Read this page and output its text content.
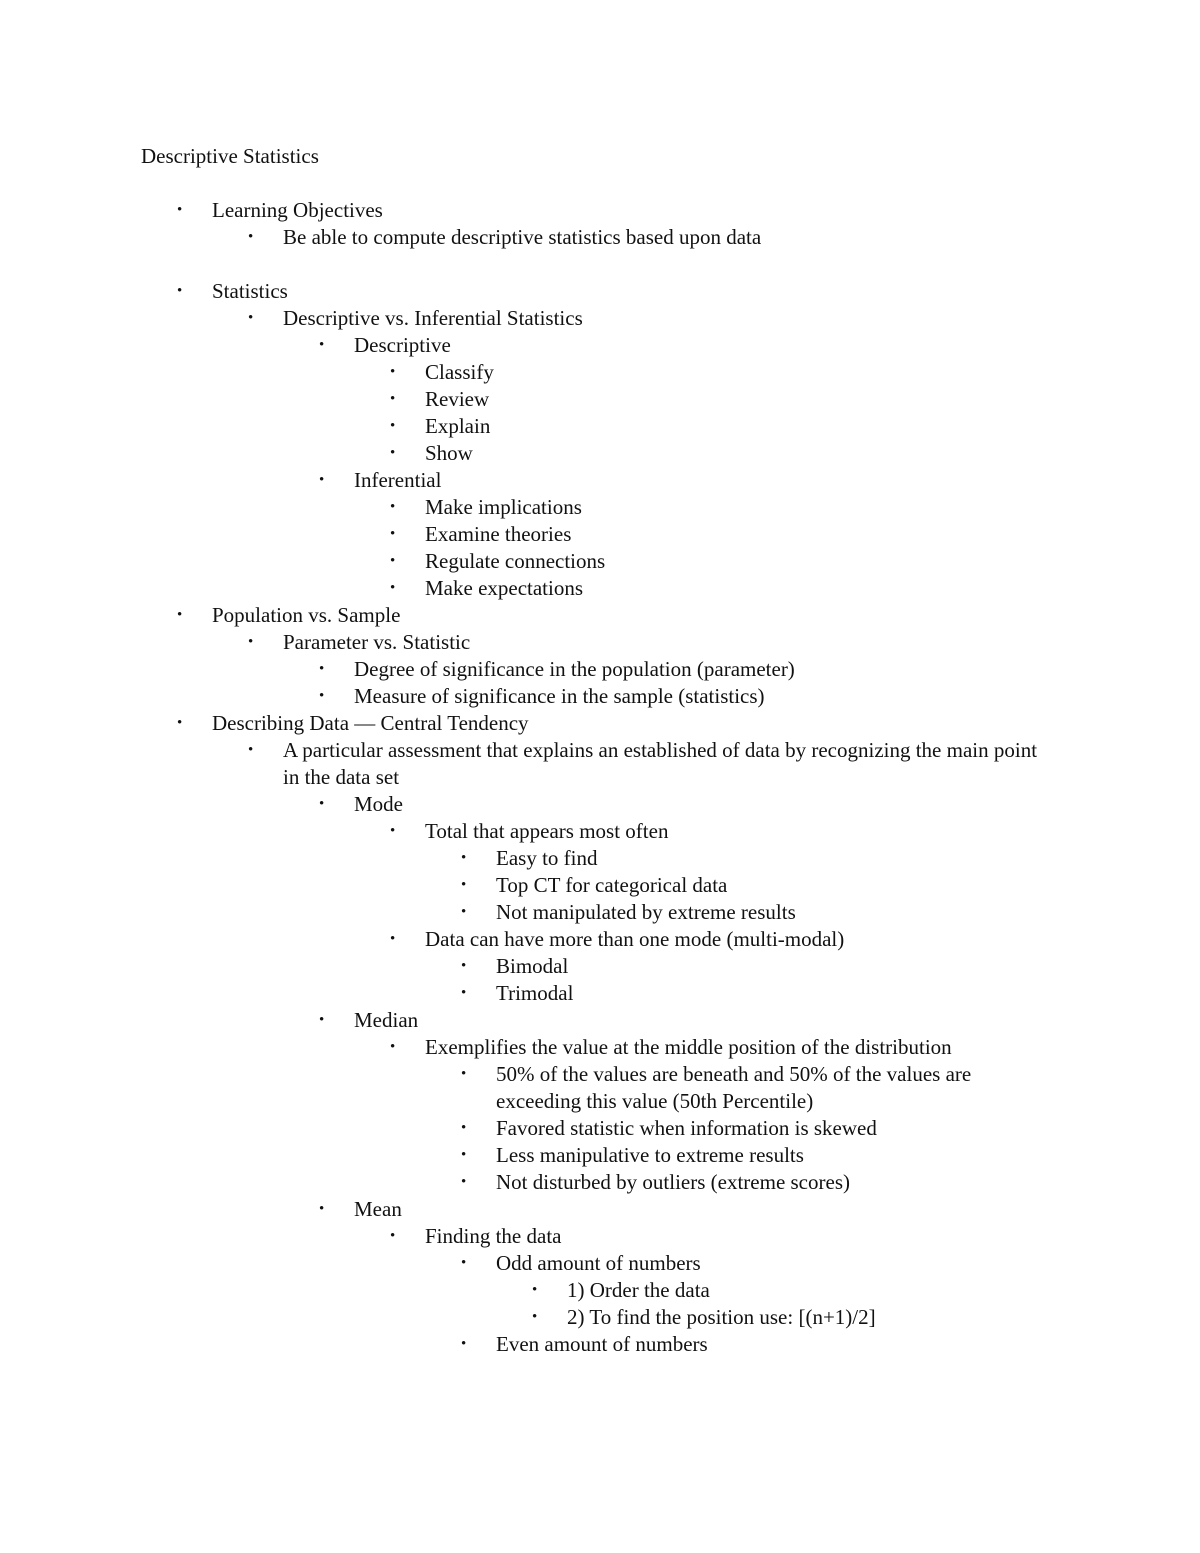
Descriptive Statistics
• Learning Objectives
• Be able to compute descriptive statistics based upon data
• Statistics
• Descriptive vs. Inferential Statistics
• Descriptive
• Classify
• Review
• Explain
• Show
• Inferential
• Make implications
• Examine theories
• Regulate connections
• Make expectations
• Population vs. Sample
• Parameter vs. Statistic
• Degree of significance in the population (parameter)
• Measure of significance in the sample (statistics)
• Describing Data — Central Tendency
• A particular assessment that explains an established of data by recognizing the main point in the data set
• Mode
• Total that appears most often
• Easy to find
• Top CT for categorical data
• Not manipulated by extreme results
• Data can have more than one mode (multi-modal)
• Bimodal
• Trimodal
• Median
• Exemplifies the value at the middle position of the distribution
• 50% of the values are beneath and 50% of the values are exceeding this value (50th Percentile)
• Favored statistic when information is skewed
• Less manipulative to extreme results
• Not disturbed by outliers (extreme scores)
• Mean
• Finding the data
• Odd amount of numbers
• 1) Order the data
• 2) To find the position use: [(n+1)/2]
• Even amount of numbers
